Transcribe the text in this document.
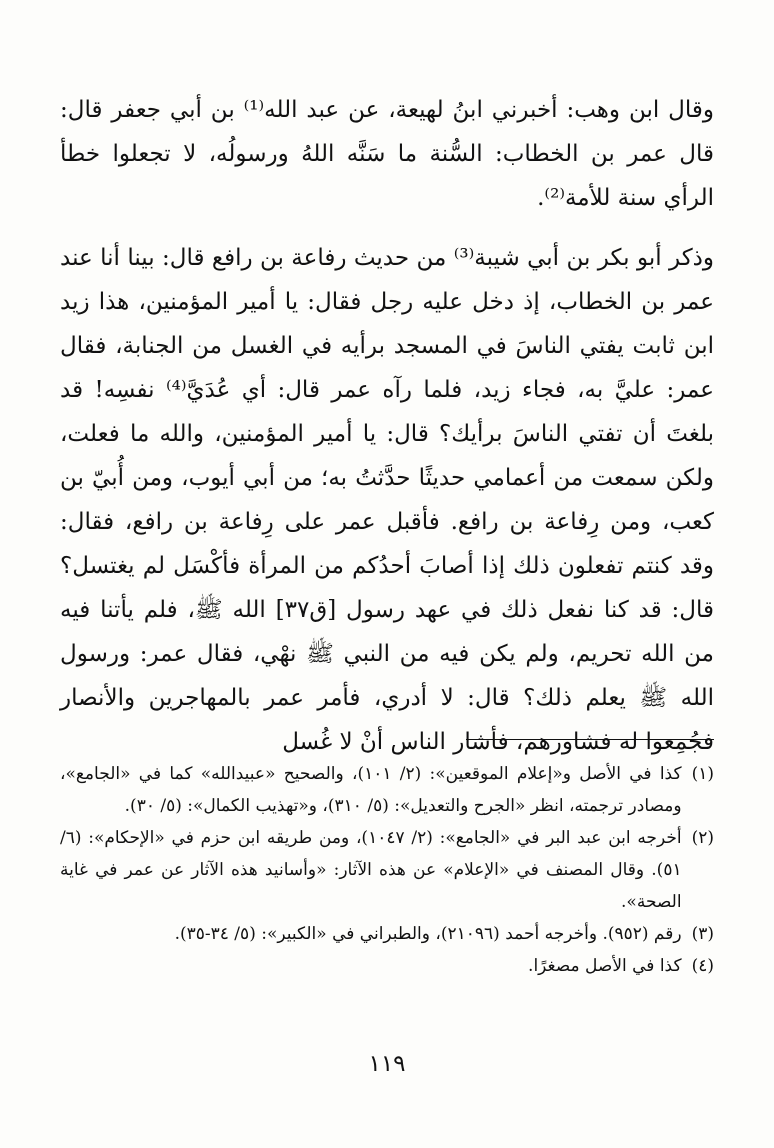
وقال ابن وهب: أخبرني ابنُ لهيعة، عن عبد الله⁽¹⁾ بن أبي جعفر قال: قال عمر بن الخطاب: السُّنة ما سَنَّه اللهُ ورسولُه، لا تجعلوا خطأ الرأي سنة للأمة⁽²⁾.

وذكر أبو بكر بن أبي شيبة⁽³⁾ من حديث رفاعة بن رافع قال: بينا أنا عند عمر بن الخطاب، إذ دخل عليه رجل فقال: يا أمير المؤمنين، هذا زيد ابن ثابت يفتي الناسَ في المسجد برأيه في الغسل من الجنابة، فقال عمر: عليَّ به، فجاء زيد، فلما رآه عمر قال: أي عُدَيَّ⁽⁴⁾ نفسِه! قد بلغتَ أن تفتي الناسَ برأيك؟ قال: يا أمير المؤمنين، والله ما فعلت، ولكن سمعت من أعمامي حديثًا حدَّثتُ به؛ من أبي أيوب، ومن أُبيّ بن كعب، ومن رِفاعة بن رافع. فأقبل عمر على رِفاعة بن رافع، فقال: وقد كنتم تفعلون ذلك إذا أصابَ أحدُكم من المرأة فأكْسَل لم يغتسل؟ قال: قد كنا نفعل ذلك في عهد رسول [ق٣٧] الله ﷺ، فلم يأتنا فيه من الله تحريم، ولم يكن فيه من النبي ﷺ نهْي، فقال عمر: ورسول الله ﷺ يعلم ذلك؟ قال: لا أدري، فأمر عمر بالمهاجرين والأنصار فجُمِعوا له فشاورهم، فأشار الناس أنْ لا غُسل

(١)
كذا في الأصل و«إعلام الموقعين»: (٢/ ١٠١)، والصحيح «عبيدالله» كما في «الجامع»، ومصادر ترجمته، انظر «الجرح والتعديل»: (٥/ ٣١٠)، و«تهذيب الكمال»: (٥/ ٣٠).
(٢)
أخرجه ابن عبد البر في «الجامع»: (٢/ ١٠٤٧)، ومن طريقه ابن حزم في «الإحكام»: (٦/ ٥١). وقال المصنف في «الإعلام» عن هذه الآثار: «وأسانيد هذه الآثار عن عمر في غاية الصحة».
(٣)
رقم (٩٥٢). وأخرجه أحمد (٢١٠٩٦)، والطبراني في «الكبير»: (٥/ ٣٤-٣٥).
(٤)
كذا في الأصل مصغرًا.
١١٩
